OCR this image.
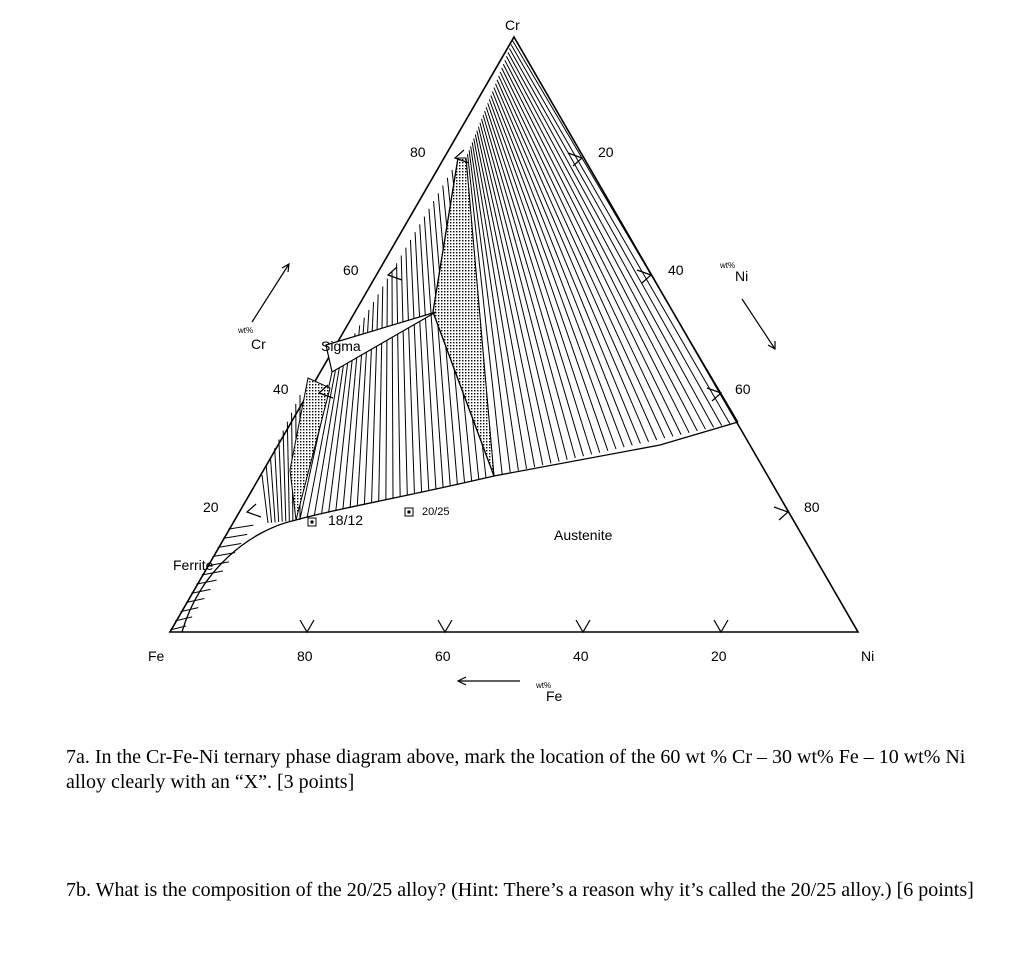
Cr
Fe	Ni
20
40
60
80	20
40
60
80
80	60	40	20
wt%
Cr
wt%
Ni
wt%
Fe
Sigma
Ferrite
Austenite
18/12	20/25

7a. In the Cr-Fe-Ni ternary phase diagram above, mark the location of the 60 wt % Cr – 30 wt% Fe – 10 wt% Ni alloy clearly with an “X”. [3 points]

7b. What is the composition of the 20/25 alloy? (Hint: There’s a reason why it’s called the 20/25 alloy.) [6 points]
